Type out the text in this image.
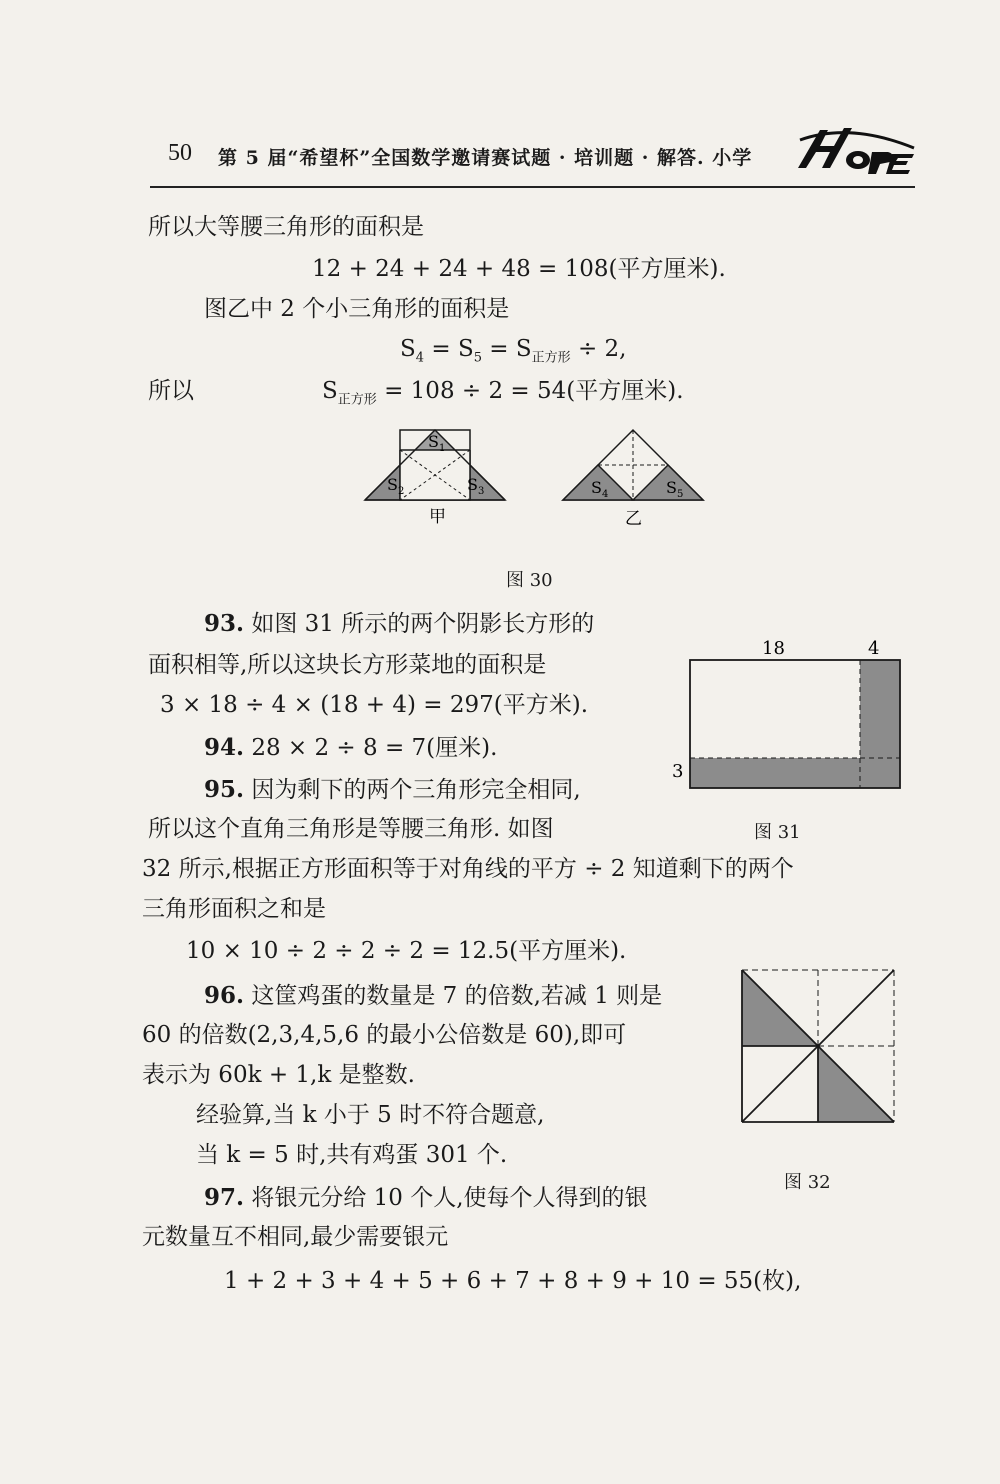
50 第 5 届“希望杯”全国数学邀请赛试题 · 培训题 · 解答. 小学
所以大等腰三角形的面积是
12 + 24 + 24 + 48 = 108(平方厘米).
图乙中 2 个小三角形的面积是
$S_4 = S_5 = S_{正方形} \div 2$,
所以	$S_{正方形} = 108 \div 2 = 54$(平方厘米).
$S_1$
$S_2$	$S_3$
甲
$S_4$	$S_5$
乙
图 30
93. 如图 31 所示的两个阴影长方形的
面积相等,所以这块长方形菜地的面积是
3 × 18 ÷ 4 × (18 + 4) = 297(平方米).
18	4
3
图 31
94. 28 × 2 ÷ 8 = 7(厘米).
95. 因为剩下的两个三角形完全相同,
所以这个直角三角形是等腰三角形. 如图
32 所示,根据正方形面积等于对角线的平方 ÷ 2 知道剩下的两个
三角形面积之和是
10 × 10 ÷ 2 ÷ 2 ÷ 2 = 12.5(平方厘米).
图 32
96. 这筐鸡蛋的数量是 7 的倍数,若减 1 则是
60 的倍数(2,3,4,5,6 的最小公倍数是 60),即可
表示为 60k + 1,k 是整数.
经验算,当 k 小于 5 时不符合题意,
当 k = 5 时,共有鸡蛋 301 个.
97. 将银元分给 10 个人,使每个人得到的银
元数量互不相同,最少需要银元
1 + 2 + 3 + 4 + 5 + 6 + 7 + 8 + 9 + 10 = 55(枚),
